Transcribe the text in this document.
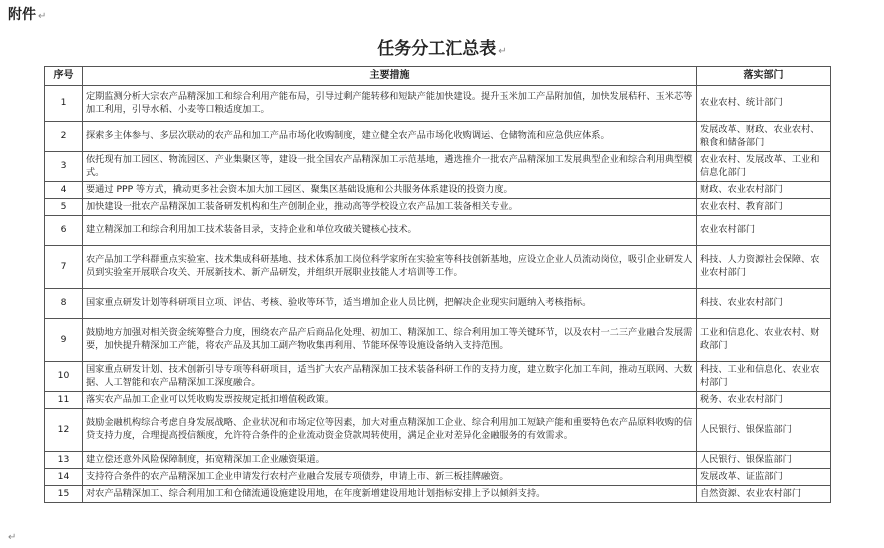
附件 ↵
任务分工汇总表 ↵
序号	主要措施	落实部门
1	定期监测分析大宗农产品精深加工和综合利用产能布局，引导过剩产能转移和短缺产能加快建设。提升玉米加工产品附加值，加快发展秸秆、玉米芯等加工利用，引导水稻、小麦等口粮适度加工。	农业农村、统计部门
2	探索多主体参与、多层次联动的农产品和加工产品市场化收购制度，建立健全农产品市场化收购调运、仓储物流和应急供应体系。	发展改革、财政、农业农村、粮食和储备部门
3	依托现有加工园区、物流园区、产业集聚区等，建设一批全国农产品精深加工示范基地，遴选推介一批农产品精深加工发展典型企业和综合利用典型模式。	农业农村、发展改革、工业和信息化部门
4	要通过 PPP 等方式，撬动更多社会资本加大加工园区、聚集区基础设施和公共服务体系建设的投资力度。	财政、农业农村部门
5	加快建设一批农产品精深加工装备研发机构和生产创制企业，推动高等学校设立农产品加工装备相关专业。	农业农村、教育部门
6	建立精深加工和综合利用加工技术装备目录，支持企业和单位攻破关键核心技术。	农业农村部门
7	农产品加工学科群重点实验室、技术集成科研基地、技术体系加工岗位科学家所在实验室等科技创新基地，应设立企业人员流动岗位，吸引企业研发人员到实验室开展联合攻关、开展新技术、新产品研发，并组织开展职业技能人才培训等工作。	科技、人力资源社会保障、农业农村部门
8	国家重点研发计划等科研项目立项、评估、考核、验收等环节，适当增加企业人员比例，把解决企业现实问题纳入考核指标。	科技、农业农村部门
9	鼓励地方加强对相关资金统筹整合力度，围绕农产品产后商品化处理、初加工、精深加工、综合利用加工等关键环节，以及农村一二三产业融合发展需要，加快提升精深加工产能，将农产品及其加工副产物收集再利用、节能环保等设施设备纳入支持范围。	工业和信息化、农业农村、财政部门
10	国家重点研发计划、技术创新引导专项等科研项目，适当扩大农产品精深加工技术装备科研工作的支持力度，建立数字化加工车间，推动互联网、大数据、人工智能和农产品精深加工深度融合。	科技、工业和信息化、农业农村部门
11	落实农产品加工企业可以凭收购发票按规定抵扣增值税政策。	税务、农业农村部门
12	鼓励金融机构综合考虑自身发展战略、企业状况和市场定位等因素，加大对重点精深加工企业、综合利用加工短缺产能和重要特色农产品原料收购的信贷支持力度，合理提高授信额度，允许符合条件的企业流动资金贷款周转使用，满足企业对差异化金融服务的有效需求。	人民银行、银保监部门
13	建立偿还意外风险保障制度，拓宽精深加工企业融资渠道。	人民银行、银保监部门
14	支持符合条件的农产品精深加工企业申请发行农村产业融合发展专项债券，申请上市、新三板挂牌融资。	发展改革、证监部门
15	对农产品精深加工、综合利用加工和仓储流通设施建设用地，在年度新增建设用地计划指标安排上予以倾斜支持。	自然资源、农业农村部门
↵
